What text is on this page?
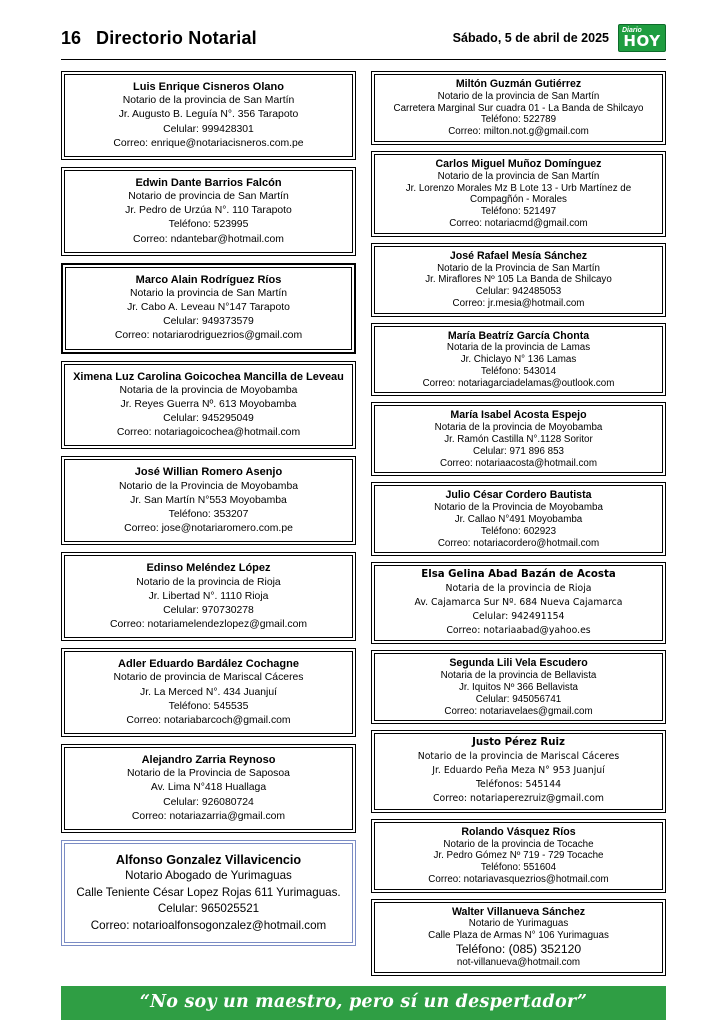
16 Directorio Notarial	Sábado, 5 de abril de 2025
Diario
HOY
Luis Enrique Cisneros Olano
Notario de la provincia de San Martín
Jr. Augusto B. Leguía N°. 356 Tarapoto
Celular: 999428301
Correo: enrique@notariacisneros.com.pe
Edwin Dante Barrios Falcón
Notario de provincia de San Martín
Jr. Pedro de Urzúa N°. 110 Tarapoto
Teléfono: 523995
Correo: ndantebar@hotmail.com
Marco Alain Rodríguez Ríos
Notario la provincia de San Martín
Jr. Cabo A. Leveau N°147 Tarapoto
Celular: 949373579
Correo: notariarodriguezrios@gmail.com
Ximena Luz Carolina Goicochea Mancilla de Leveau
Notaria de la provincia de Moyobamba
Jr. Reyes Guerra Nº. 613 Moyobamba
Celular: 945295049
Correo: notariagoicochea@hotmail.com
José Willian Romero Asenjo
Notario de la Provincia de Moyobamba
Jr. San Martín N°553 Moyobamba
Teléfono: 353207
Correo: jose@notariaromero.com.pe
Edinso Meléndez López
Notario de la provincia de Rioja
Jr. Libertad N°. 1110 Rioja
Celular: 970730278
Correo: notariamelendezlopez@gmail.com
Adler Eduardo Bardález Cochagne
Notario de provincia de Mariscal Cáceres
Jr. La Merced N°. 434 Juanjuí
Teléfono: 545535
Correo: notariabarcoch@gmail.com
Alejandro Zarria Reynoso
Notario de la Provincia de Saposoa
Av. Lima N°418 Huallaga
Celular: 926080724
Correo: notariazarria@gmail.com
Alfonso Gonzalez Villavicencio
Notario Abogado de Yurimaguas
Calle Teniente César Lopez Rojas 611 Yurimaguas.
Celular: 965025521
Correo: notarioalfonsogonzalez@hotmail.com
Miltón Guzmán Gutiérrez
Notario de la provincia de San Martín
Carretera Marginal Sur cuadra 01 - La Banda de Shilcayo
Teléfono: 522789
Correo: milton.not.g@gmail.com
Carlos Miguel Muñoz Domínguez
Notario de la provincia de San Martín
Jr. Lorenzo Morales Mz B Lote 13 - Urb Martínez de Compagñón - Morales
Teléfono: 521497
Correo: notariacmd@gmail.com
José Rafael Mesía Sánchez
Notario de la Provincia de San Martín
Jr. Miraflores Nº 105 La Banda de Shilcayo
Celular: 942485053
Correo: jr.mesia@hotmail.com
María Beatríz García Chonta
Notaria de la provincia de Lamas
Jr. Chiclayo N° 136 Lamas
Teléfono: 543014
Correo: notariagarciadelamas@outlook.com
María Isabel Acosta Espejo
Notaria de la provincia de Moyobamba
Jr. Ramón Castilla N°.1128 Soritor
Celular: 971 896 853
Correo: notariaacosta@hotmail.com
Julio César Cordero Bautista
Notario de la Provincia de Moyobamba
Jr. Callao N°491 Moyobamba
Teléfono: 602923
Correo: notariacordero@hotmail.com
Elsa Gelina Abad Bazán de Acosta
Notaria de la provincia de Rioja
Av. Cajamarca Sur Nº. 684 Nueva Cajamarca
Celular: 942491154
Correo: notariaabad@yahoo.es
Segunda Lili Vela Escudero
Notaria de la provincia de Bellavista
Jr. Iquitos Nº 366 Bellavista
Celular: 945056741
Correo: notariavelaes@gmail.com
Justo Pérez Ruiz
Notario de la provincia de Mariscal Cáceres
Jr. Eduardo Peña Meza N° 953 Juanjuí
Teléfonos: 545144
Correo: notariaperezruiz@gmail.com
Rolando Vásquez Ríos
Notario de la provincia de Tocache
Jr. Pedro Gómez Nº 719 - 729 Tocache
Teléfono: 551604
Correo: notariavasquezrios@hotmail.com
Walter Villanueva Sánchez
Notario de Yurimaguas
Calle Plaza de Armas N° 106 Yurimaguas
Teléfono: (085) 352120
not-villanueva@hotmail.com
“No soy un maestro, pero sí un despertador”
